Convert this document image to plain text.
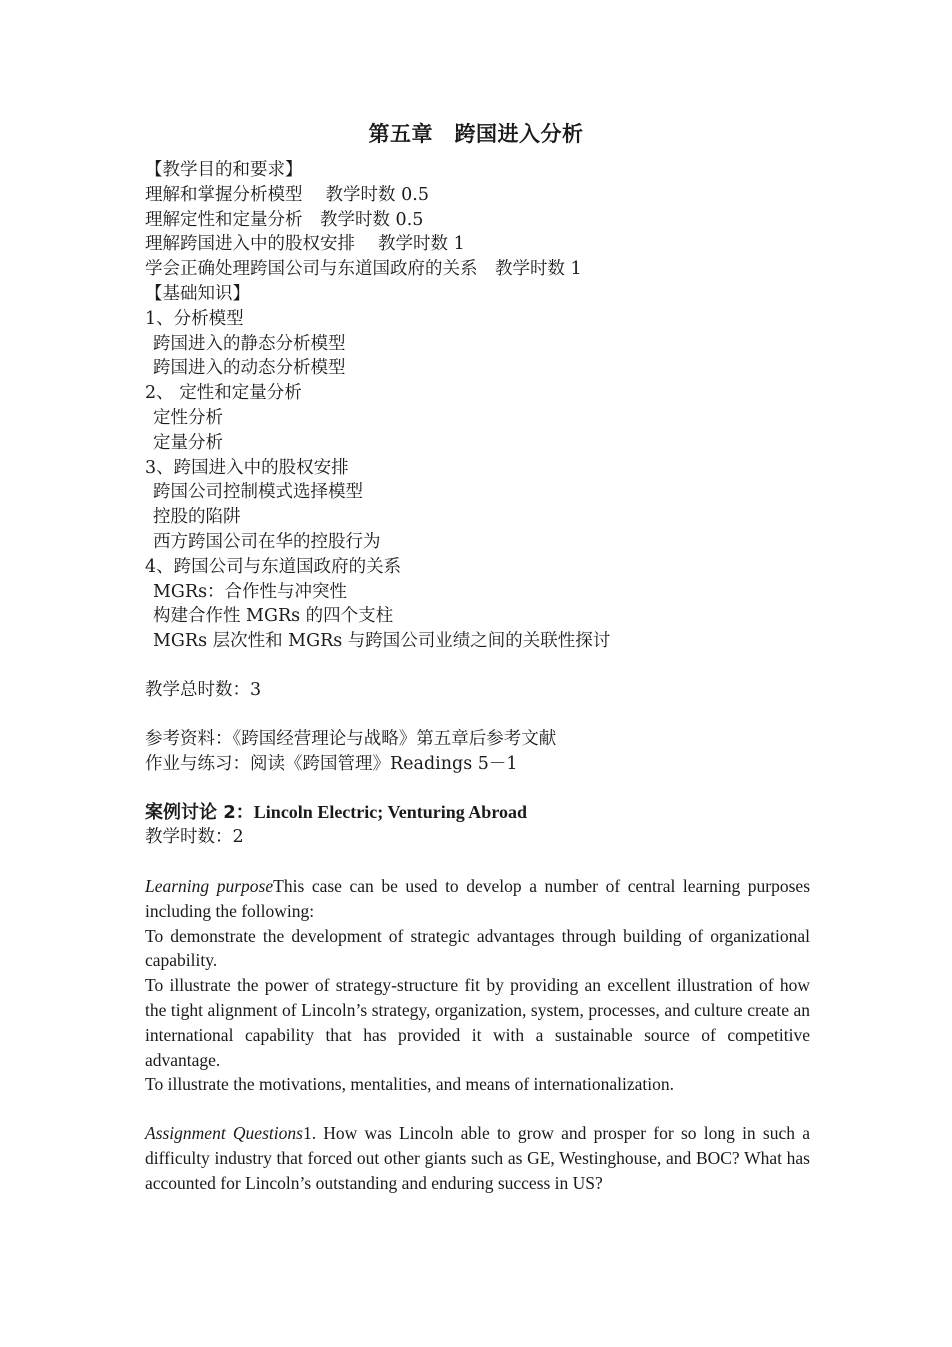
第五章　跨国进入分析
【教学目的和要求】
理解和掌握分析模型　 教学时数 0.5
理解定性和定量分析　教学时数 0.5
理解跨国进入中的股权安排　 教学时数 1
学会正确处理跨国公司与东道国政府的关系　教学时数 1
【基础知识】
1、分析模型
跨国进入的静态分析模型
跨国进入的动态分析模型
2、 定性和定量分析
定性分析
定量分析
3、跨国进入中的股权安排
跨国公司控制模式选择模型
控股的陷阱
西方跨国公司在华的控股行为
4、跨国公司与东道国政府的关系
MGRs：合作性与冲突性
构建合作性 MGRs 的四个支柱
MGRs 层次性和 MGRs 与跨国公司业绩之间的关联性探讨
教学总时数：3
参考资料：《跨国经营理论与战略》第五章后参考文献
作业与练习：阅读《跨国管理》Readings 5－1
案例讨论 2：Lincoln Electric; Venturing Abroad
教学时数：2
Learning purposeThis case can be used to develop a number of central learning purposes including the following:
To demonstrate the development of strategic advantages through building of organizational capability.
To illustrate the power of strategy-structure fit by providing an excellent illustration of how the tight alignment of Lincoln’s strategy, organization, system, processes, and culture create an international capability that has provided it with a sustainable source of competitive advantage.
To illustrate the motivations, mentalities, and means of internationalization.
Assignment Questions1. How was Lincoln able to grow and prosper for so long in such a difficulty industry that forced out other giants such as GE, Westinghouse, and BOC? What has accounted for Lincoln’s outstanding and enduring success in US?
